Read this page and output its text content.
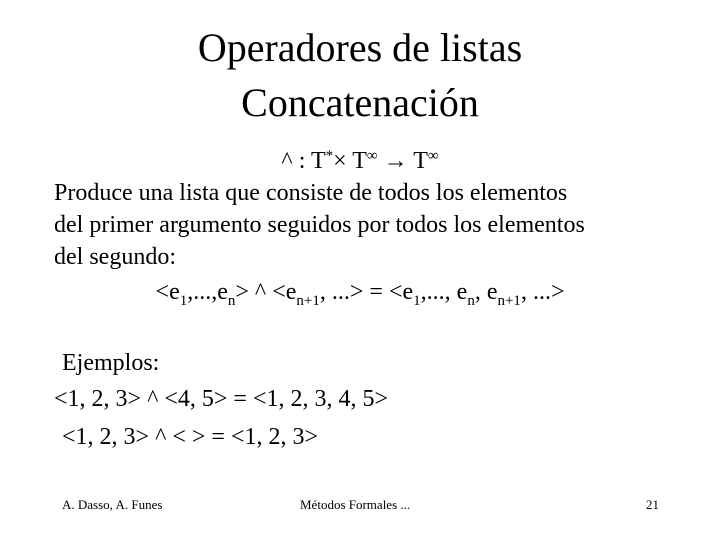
Operadores de listas
Concatenación
^ : T*× T∞ → T∞
Produce una lista que consiste de todos los elementos
del primer argumento seguidos por todos los elementos
del segundo:
$<e_1,...,e_n>$ ^ $<e_{n+1}$, ...> = $<e_1$,..., $e_n$, $e_{n+1}$, ...>
Ejemplos:
<1, 2, 3> ^ <4, 5> = <1, 2, 3, 4, 5>
<1, 2, 3> ^ < > = <1, 2, 3>
A. Dasso, A. Funes	Métodos Formales ...	21
